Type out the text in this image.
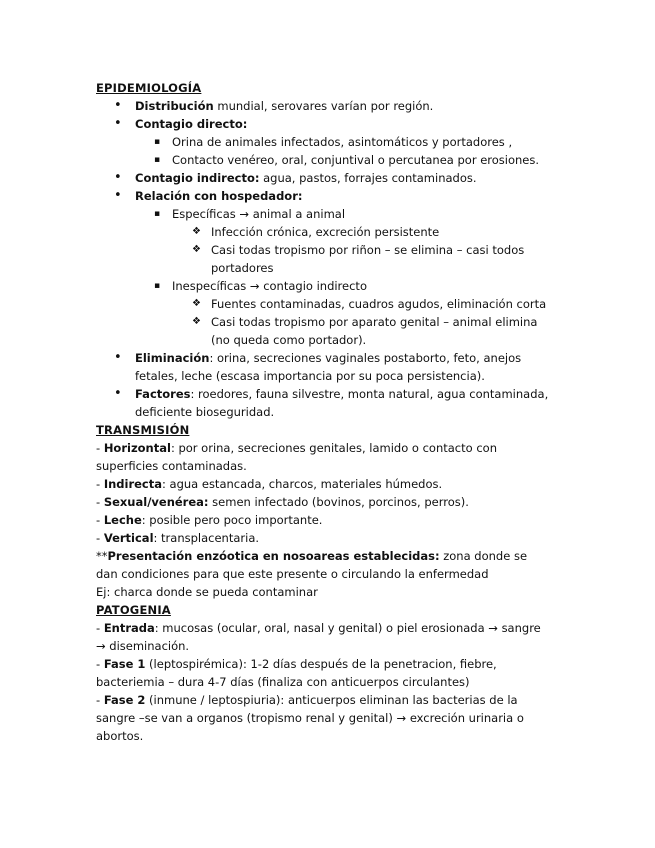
EPIDEMIOLOGÍA
• Distribución mundial, serovares varían por región.
• Contagio directo:
▪ Orina de animales infectados, asintomáticos y portadores ,
▪ Contacto venéreo, oral, conjuntival o percutanea por erosiones.
• Contagio indirecto: agua, pastos, forrajes contaminados.
• Relación con hospedador:
▪ Específicas → animal a animal
❖ Infección crónica, excreción persistente
❖ Casi todas tropismo por riñon – se elimina – casi todos portadores
▪ Inespecíficas → contagio indirecto
❖ Fuentes contaminadas, cuadros agudos, eliminación corta
❖ Casi todas tropismo por aparato genital – animal elimina (no queda como portador).
• Eliminación: orina, secreciones vaginales postaborto, feto, anejos fetales, leche (escasa importancia por su poca persistencia).
• Factores: roedores, fauna silvestre, monta natural, agua contaminada, deficiente bioseguridad.
TRANSMISIÓN

- Horizontal: por orina, secreciones genitales, lamido o contacto con superficies contaminadas.

- Indirecta: agua estancada, charcos, materiales húmedos.

- Sexual/venérea: semen infectado (bovinos, porcinos, perros).

- Leche: posible pero poco importante.

- Vertical: transplacentaria.

**Presentación enzóotica en nosoareas establecidas: zona donde se dan condiciones para que este presente o circulando la enfermedad

Ej: charca donde se pueda contaminar

PATOGENIA

- Entrada: mucosas (ocular, oral, nasal y genital) o piel erosionada → sangre → diseminación.

- Fase 1 (leptospirémica): 1-2 días después de la penetracion, fiebre, bacteriemia – dura 4-7 días (finaliza con anticuerpos circulantes)

- Fase 2 (inmune / leptospiuria): anticuerpos eliminan las bacterias de la sangre –se van a organos (tropismo renal y genital) → excreción urinaria o abortos.
